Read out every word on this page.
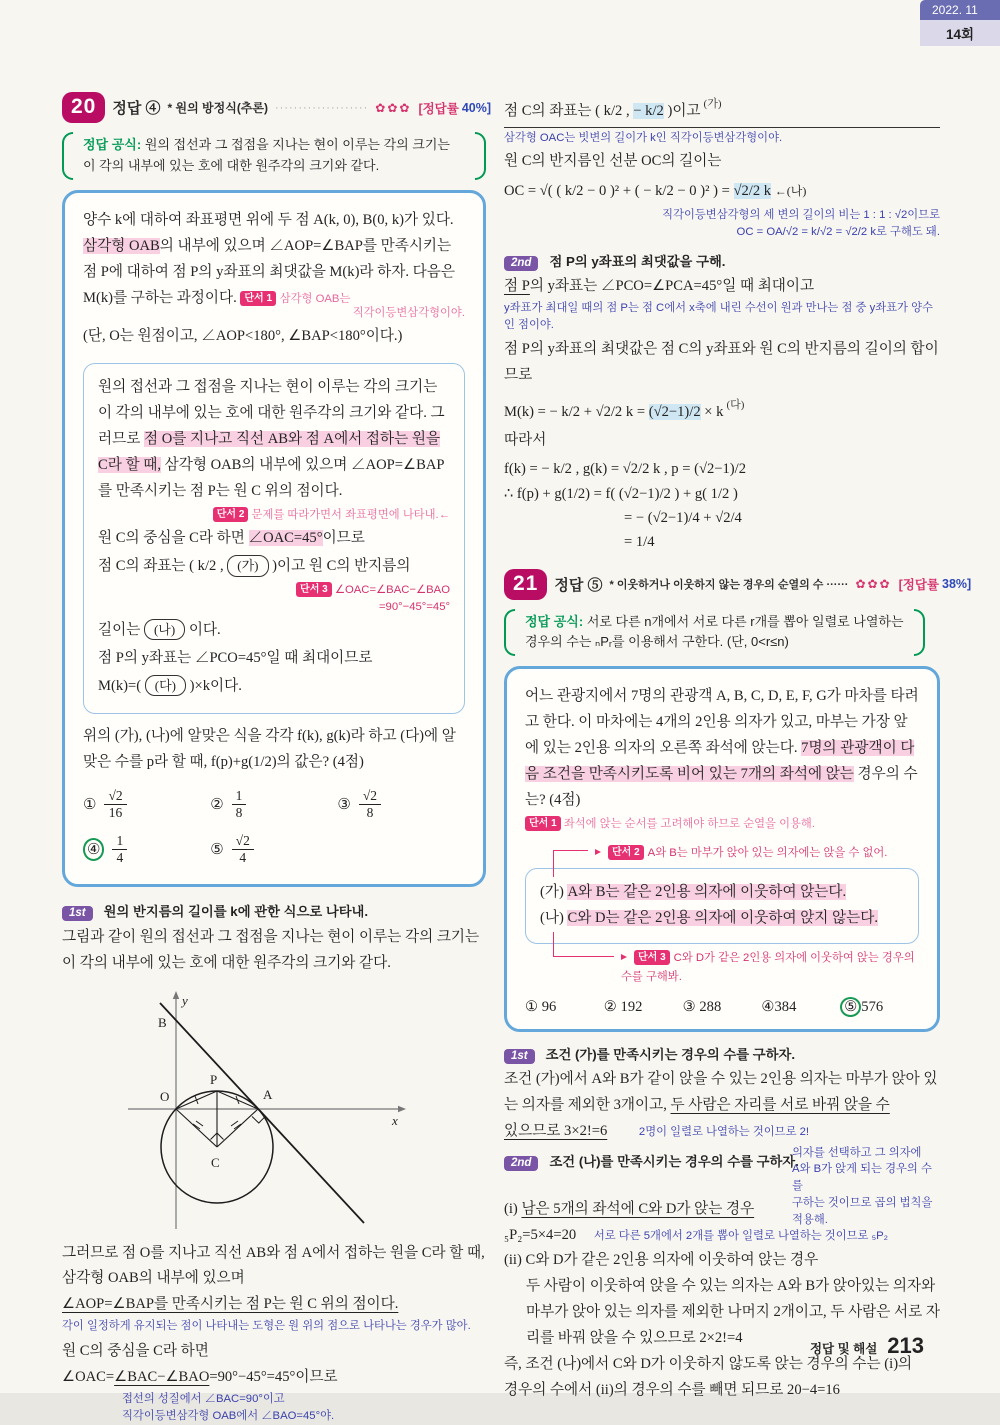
20	정답 ④ * 원의 방정식(추론) ···················· ✿✿✿ [정답률 40%]
정답 공식: 원의 접선과 그 접점을 지나는 현이 이루는 각의 크기는 이 각의 내부에 있는 호에 대한 원주각의 크기와 같다.
양수 k에 대하여 좌표평면 위에 두 점 A(k, 0), B(0, k)가 있다. 삼각형 OAB의 내부에 있으며 ∠AOP=∠BAP를 만족시키는 점 P에 대하여 점 P의 y좌표의 최댓값을 M(k)라 하자. 다음은 M(k)를 구하는 과정이다. 단서 1 삼각형 OAB는
직각이등변삼각형이야.
(단, O는 원점이고, ∠AOP<180°, ∠BAP<180°이다.)
원의 접선과 그 접점을 지나는 현이 이루는 각의 크기는 이 각의 내부에 있는 호에 대한 원주각의 크기와 같다. 그러므로 점 O를 지나고 직선 AB와 점 A에서 접하는 원을 C라 할 때, 삼각형 OAB의 내부에 있으며 ∠AOP=∠BAP를 만족시키는 점 P는 원 C 위의 점이다.
단서 2 문제를 따라가면서 좌표평면에 나타내.←
원 C의 중심을 C라 하면 ∠OAC=45°이므로
점 C의 좌표는 ( k/2 , (가) )이고 원 C의 반지름의
단서 3 ∠OAC=∠BAC−∠BAO
=90°−45°=45°
길이는 (나) 이다.
점 P의 y좌표는 ∠PCO=45°일 때 최대이므로
M(k)=( (다) )×k이다.
위의 (가), (나)에 알맞은 식을 각각 f(k), g(k)라 하고 (다)에 알맞은 수를 p라 할 때, f(p)+g(1/2)의 값은? (4점)
① $\frac{√2}{16}$	② $\frac{1}{8}$	③ $\frac{√2}{8}$
④ $\frac{1}{4}$	⑤ $\frac{√2}{4}$
1st 원의 반지름의 길이를 k에 관한 식으로 나타내.
그림과 같이 원의 접선과 그 접점을 지나는 현이 이루는 각의 크기는 이 각의 내부에 있는 호에 대한 원주각의 크기와 같다.
y
B
O
P
A
x
C
그러므로 점 O를 지나고 직선 AB와 점 A에서 접하는 원을 C라 할 때, 삼각형 OAB의 내부에 있으며
∠AOP=∠BAP를 만족시키는 점 P는 원 C 위의 점이다.
각이 일정하게 유지되는 점이 나타내는 도형은 원 위의 점으로 나타나는 경우가 많아.
원 C의 중심을 C라 하면
∠OAC=∠BAC−∠BAO=90°−45°=45°이므로
접선의 성질에서 ∠BAC=90°이고
직각이등변삼각형 OAB에서 ∠BAO=45°야.
점 C의 좌표는 ( k/2 , − k/2 )이고 $^{(가)}$
삼각형 OAC는 빗변의 길이가 k인 직각이등변삼각형이야.
원 C의 반지름인 선분 OC의 길이는
OC = √( ( k/2 − 0 )² + ( − k/2 − 0 )² ) = √2/2 k ←(나)
직각이등변삼각형의 세 변의 길이의 비는 1 : 1 : √2이므로
OC = OA/√2 = k/√2 = √2/2 k로 구해도 돼.
2nd 점 P의 y좌표의 최댓값을 구해.
점 P의 y좌표는 ∠PCO=∠PCA=45°일 때 최대이고
y좌표가 최대일 때의 점 P는 점 C에서 x축에 내린 수선이 원과 만나는 점 중 y좌표가 양수인 점이야.
점 P의 y좌표의 최댓값은 점 C의 y좌표와 원 C의 반지름의 길이의 합이므로
M(k) = − k/2 + √2/2 k = (√2−1)/2 × k $^{(다)}$
따라서
f(k) = − k/2 , g(k) = √2/2 k , p = (√2−1)/2
∴ f(p) + g(1/2) = f( (√2−1)/2 ) + g( 1/2 )
= − (√2−1)/4 + √2/4
= 1/4
21	정답 ⑤ * 이웃하거나 이웃하지 않는 경우의 순열의 수 ······ ✿✿✿ [정답률 38%]
정답 공식: 서로 다른 n개에서 서로 다른 r개를 뽑아 일렬로 나열하는
경우의 수는 ₙPᵣ를 이용해서 구한다. (단, 0<r≤n)
어느 관광지에서 7명의 관광객 A, B, C, D, E, F, G가 마차를 타려고 한다. 이 마차에는 4개의 2인용 의자가 있고, 마부는 가장 앞에 있는 2인용 의자의 오른쪽 좌석에 앉는다. 7명의 관광객이 다음 조건을 만족시키도록 비어 있는 7개의 좌석에 앉는 경우의 수는? (4점)
단서 1 좌석에 앉는 순서를 고려해야 하므로 순열을 이용해.
단서 2 A와 B는 마부가 앉아 있는 의자에는 앉을 수 없어.
(가) A와 B는 같은 2인용 의자에 이웃하여 앉는다.
(나) C와 D는 같은 2인용 의자에 이웃하여 앉지 않는다.
단서 3 C와 D가 같은 2인용 의자에 이웃하여 앉는 경우의 수를 구해봐.
① 96	② 192	③ 288	④384	⑤ 576
1st 조건 (가)를 만족시키는 경우의 수를 구하자.
조건 (가)에서 A와 B가 같이 앉을 수 있는 2인용 의자는 마부가 앉아 있는 의자를 제외한 3개이고, 두 사람은 자리를 서로 바꿔 앉을 수
있으므로 3×2!=6	2명이 일렬로 나열하는 것이므로 2!
2nd 조건 (나)를 만족시키는 경우의 수를 구하자.
의자를 선택하고 그 의자에
A와 B가 앉게 되는 경우의 수를
구하는 것이므로 곱의 법칙을 적용해.
(i) 남은 5개의 좌석에 C와 D가 앉는 경우
₅P₂=5×4=20 서로 다른 5개에서 2개를 뽑아 일렬로 나열하는 것이므로 ₅P₂
(ii) C와 D가 같은 2인용 의자에 이웃하여 앉는 경우
두 사람이 이웃하여 앉을 수 있는 의자는 A와 B가 앉아있는 의자와 마부가 앉아 있는 의자를 제외한 나머지 2개이고, 두 사람은 서로 자리를 바꿔 앉을 수 있으므로 2×2!=4
즉, 조건 (나)에서 C와 D가 이웃하지 않도록 앉는 경우의 수는 (i)의
경우의 수에서 (ii)의 경우의 수를 빼면 되므로 20−4=16
2022. 11
14회
정답 및 해설 213
